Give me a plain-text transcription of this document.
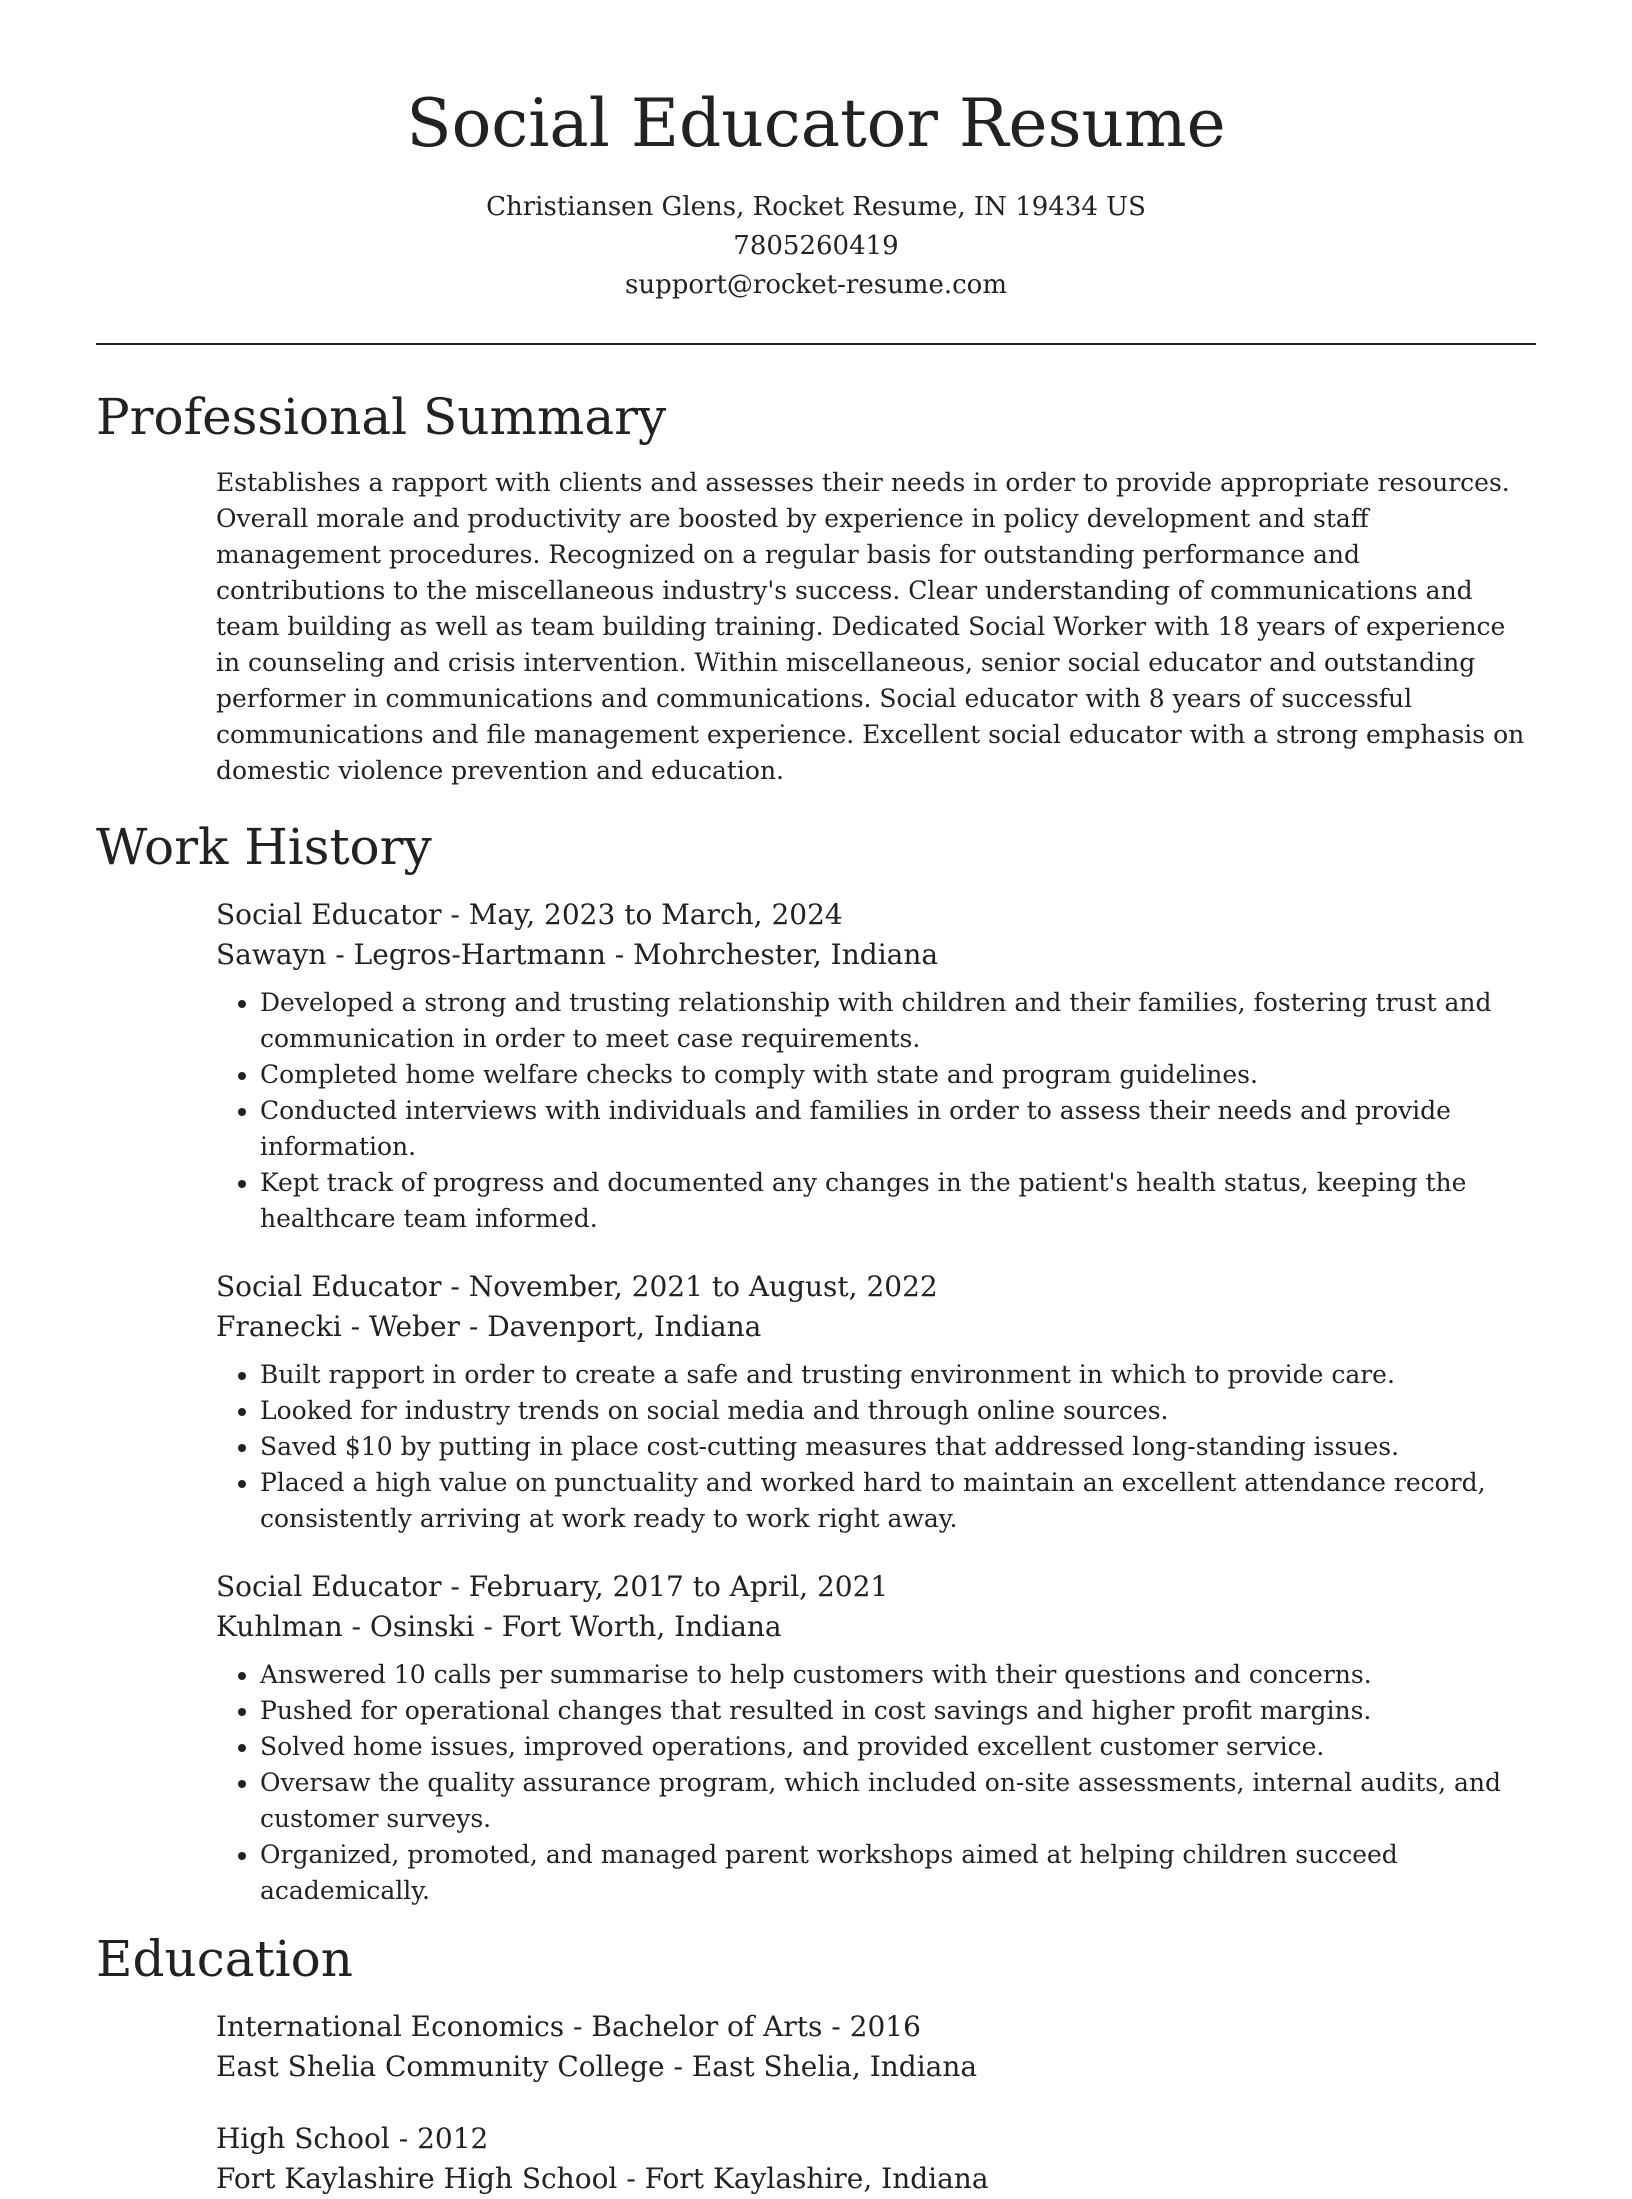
Social Educator Resume
Christiansen Glens, Rocket Resume, IN 19434 US
7805260419
support@rocket-resume.com
Professional Summary

Establishes a rapport with clients and assesses their needs in order to provide appropriate resources. Overall morale and productivity are boosted by experience in policy development and staff management procedures. Recognized on a regular basis for outstanding performance and contributions to the miscellaneous industry's success. Clear understanding of communications and team building as well as team building training. Dedicated Social Worker with 18 years of experience in counseling and crisis intervention. Within miscellaneous, senior social educator and outstanding performer in communications and communications. Social educator with 8 years of successful communications and file management experience. Excellent social educator with a strong emphasis on domestic violence prevention and education.

Work History
Social Educator - May, 2023 to March, 2024
Sawayn - Legros-Hartmann - Mohrchester, Indiana
• Developed a strong and trusting relationship with children and their families, fostering trust and communication in order to meet case requirements.
• Completed home welfare checks to comply with state and program guidelines.
• Conducted interviews with individuals and families in order to assess their needs and provide information.
• Kept track of progress and documented any changes in the patient's health status, keeping the healthcare team informed.
Social Educator - November, 2021 to August, 2022
Franecki - Weber - Davenport, Indiana
• Built rapport in order to create a safe and trusting environment in which to provide care.
• Looked for industry trends on social media and through online sources.
• Saved $10 by putting in place cost-cutting measures that addressed long-standing issues.
• Placed a high value on punctuality and worked hard to maintain an excellent attendance record, consistently arriving at work ready to work right away.
Social Educator - February, 2017 to April, 2021
Kuhlman - Osinski - Fort Worth, Indiana
• Answered 10 calls per summarise to help customers with their questions and concerns.
• Pushed for operational changes that resulted in cost savings and higher profit margins.
• Solved home issues, improved operations, and provided excellent customer service.
• Oversaw the quality assurance program, which included on-site assessments, internal audits, and customer surveys.
• Organized, promoted, and managed parent workshops aimed at helping children succeed academically.
Education
International Economics - Bachelor of Arts - 2016
East Shelia Community College - East Shelia, Indiana
High School - 2012
Fort Kaylashire High School - Fort Kaylashire, Indiana
